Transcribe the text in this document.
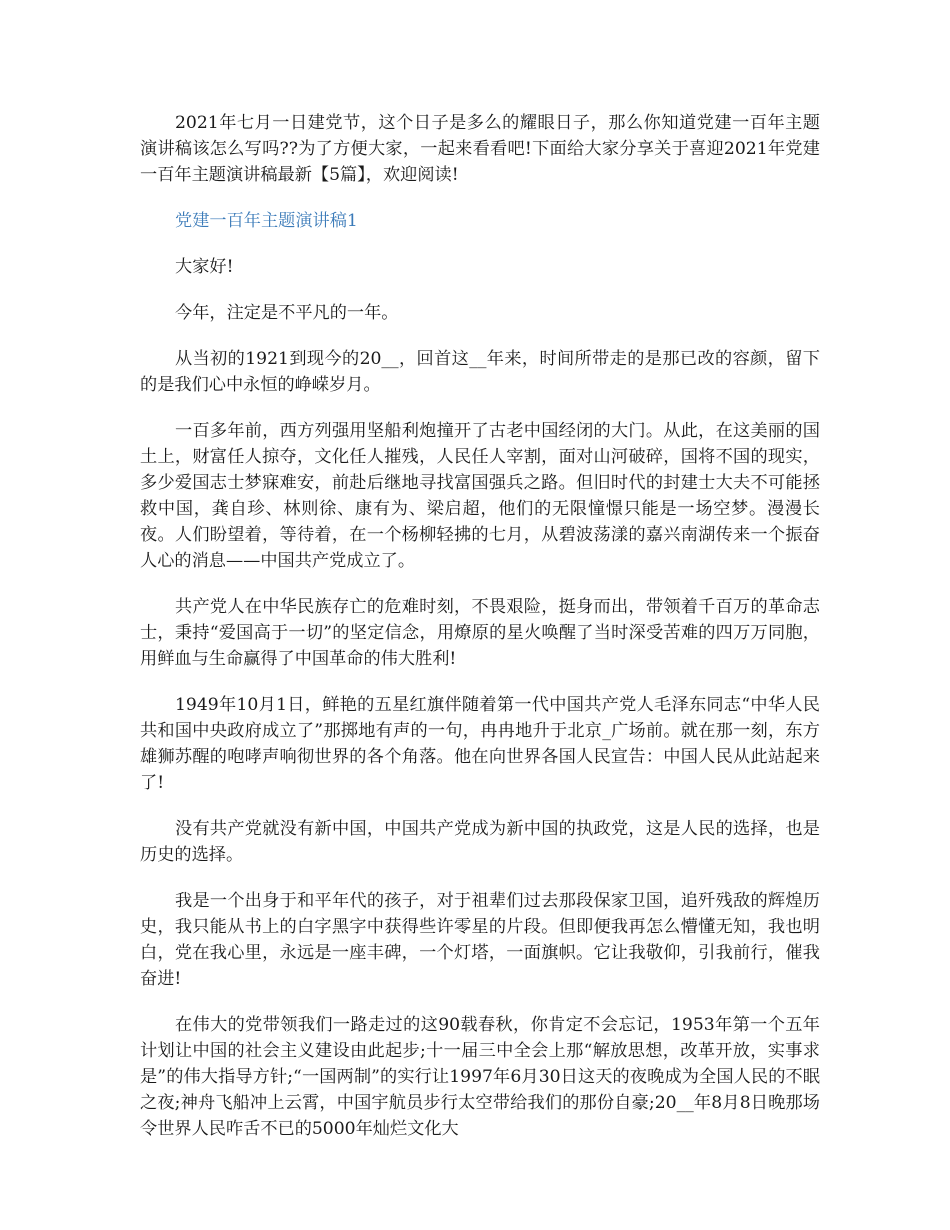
2021年七月一日建党节，这个日子是多么的耀眼日子，那么你知道党建一百年主题演讲稿该怎么写吗??为了方便大家，一起来看看吧!下面给大家分享关于喜迎2021年党建一百年主题演讲稿最新【5篇】，欢迎阅读!

党建一百年主题演讲稿1

大家好!

今年，注定是不平凡的一年。

从当初的1921到现今的20__，回首这__年来，时间所带走的是那已改的容颜，留下的是我们心中永恒的峥嵘岁月。

一百多年前，西方列强用坚船利炮撞开了古老中国经闭的大门。从此，在这美丽的国土上，财富任人掠夺，文化任人摧残，人民任人宰割，面对山河破碎，国将不国的现实，多少爱国志士梦寐难安，前赴后继地寻找富国强兵之路。但旧时代的封建士大夫不可能拯救中国，龚自珍、林则徐、康有为、梁启超，他们的无限憧憬只能是一场空梦。漫漫长夜。人们盼望着，等待着，在一个杨柳轻拂的七月，从碧波荡漾的嘉兴南湖传来一个振奋人心的消息——中国共产党成立了。

共产党人在中华民族存亡的危难时刻，不畏艰险，挺身而出，带领着千百万的革命志士，秉持“爱国高于一切”的坚定信念，用燎原的星火唤醒了当时深受苦难的四万万同胞，用鲜血与生命赢得了中国革命的伟大胜利!

1949年10月1日，鲜艳的五星红旗伴随着第一代中国共产党人毛泽东同志“中华人民共和国中央政府成立了”那掷地有声的一句，冉冉地升于北京_广场前。就在那一刻，东方雄狮苏醒的咆哮声响彻世界的各个角落。他在向世界各国人民宣告：中国人民从此站起来了!

没有共产党就没有新中国，中国共产党成为新中国的执政党，这是人民的选择，也是历史的选择。

我是一个出身于和平年代的孩子，对于祖辈们过去那段保家卫国，追歼残敌的辉煌历史，我只能从书上的白字黑字中获得些许零星的片段。但即便我再怎么懵懂无知，我也明白，党在我心里，永远是一座丰碑，一个灯塔，一面旗帜。它让我敬仰，引我前行，催我奋进!

在伟大的党带领我们一路走过的这90载春秋，你肯定不会忘记，1953年第一个五年计划让中国的社会主义建设由此起步;十一届三中全会上那“解放思想，改革开放，实事求是”的伟大指导方针;“一国两制”的实行让1997年6月30日这天的夜晚成为全国人民的不眠之夜;神舟飞船冲上云霄，中国宇航员步行太空带给我们的那份自豪;20__年8月8日晚那场令世界人民咋舌不已的5000年灿烂文化大
